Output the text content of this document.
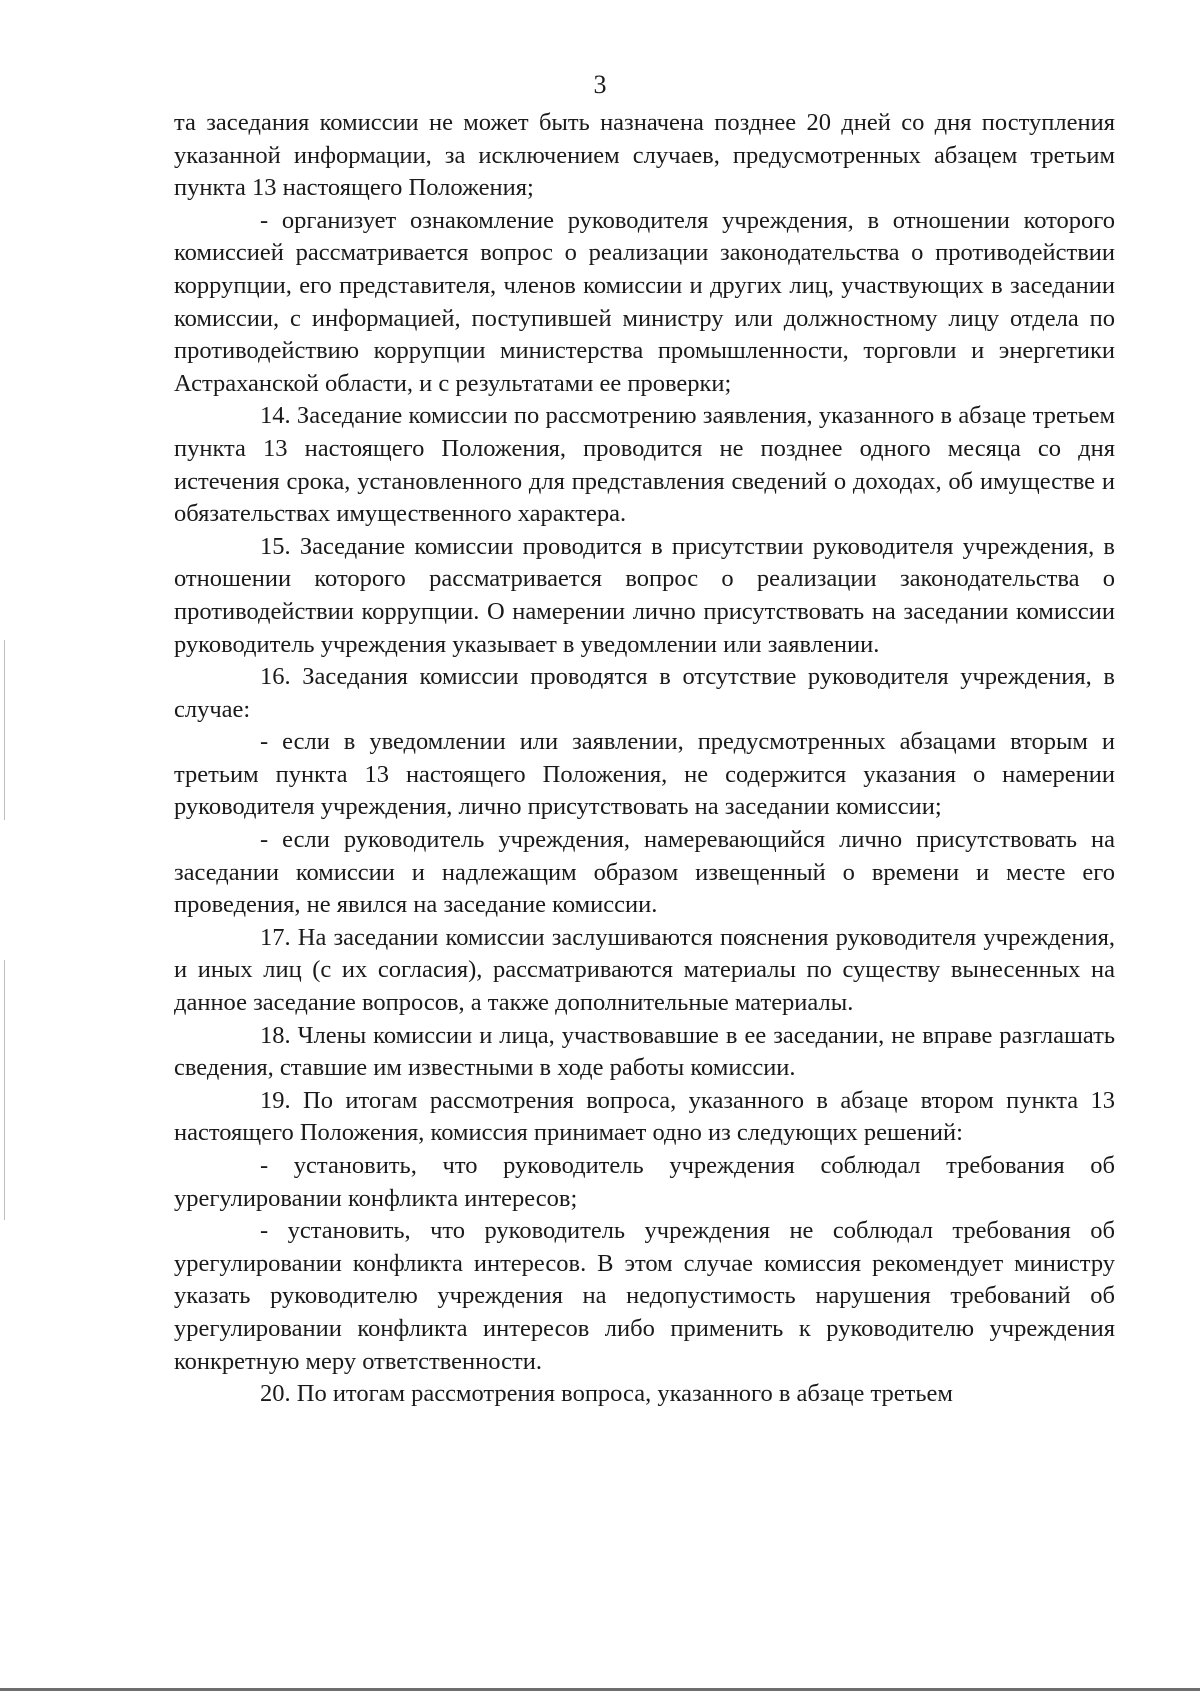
3

та заседания комиссии не может быть назначена позднее 20 дней со дня поступления указанной информации, за исключением случаев, предусмотренных абзацем третьим пункта 13 настоящего Положения;

- организует ознакомление руководителя учреждения, в отношении которого комиссией рассматривается вопрос о реализации законодательства о противодействии коррупции, его представителя, членов комиссии и других лиц, участвующих в заседании комиссии, с информацией, поступившей министру или должностному лицу отдела по противодействию коррупции министерства промышленности, торговли и энергетики Астраханской области, и с результатами ее проверки;

14. Заседание комиссии по рассмотрению заявления, указанного в абзаце третьем пункта 13 настоящего Положения, проводится не позднее одного месяца со дня истечения срока, установленного для представления сведений о доходах, об имуществе и обязательствах имущественного характера.

15. Заседание комиссии проводится в присутствии руководителя учреждения, в отношении которого рассматривается вопрос о реализации законодательства о противодействии коррупции. О намерении лично присутствовать на заседании комиссии руководитель учреждения указывает в уведомлении или заявлении.

16. Заседания комиссии проводятся в отсутствие руководителя учреждения, в случае:

- если в уведомлении или заявлении, предусмотренных абзацами вторым и третьим пункта 13 настоящего Положения, не содержится указания о намерении руководителя учреждения, лично присутствовать на заседании комиссии;

- если руководитель учреждения, намеревающийся лично присутствовать на заседании комиссии и надлежащим образом извещенный о времени и месте его проведения, не явился на заседание комиссии.

17. На заседании комиссии заслушиваются пояснения руководителя учреждения, и иных лиц (с их согласия), рассматриваются материалы по существу вынесенных на данное заседание вопросов, а также дополнительные материалы.

18. Члены комиссии и лица, участвовавшие в ее заседании, не вправе разглашать сведения, ставшие им известными в ходе работы комиссии.

19. По итогам рассмотрения вопроса, указанного в абзаце втором пункта 13 настоящего Положения, комиссия принимает одно из следующих решений:

- установить, что руководитель учреждения соблюдал требования об урегулировании конфликта интересов;

- установить, что руководитель учреждения не соблюдал требования об урегулировании конфликта интересов. В этом случае комиссия рекомендует министру указать руководителю учреждения на недопустимость нарушения требований об урегулировании конфликта интересов либо применить к руководителю учреждения конкретную меру ответственности.

20. По итогам рассмотрения вопроса, указанного в абзаце третьем
